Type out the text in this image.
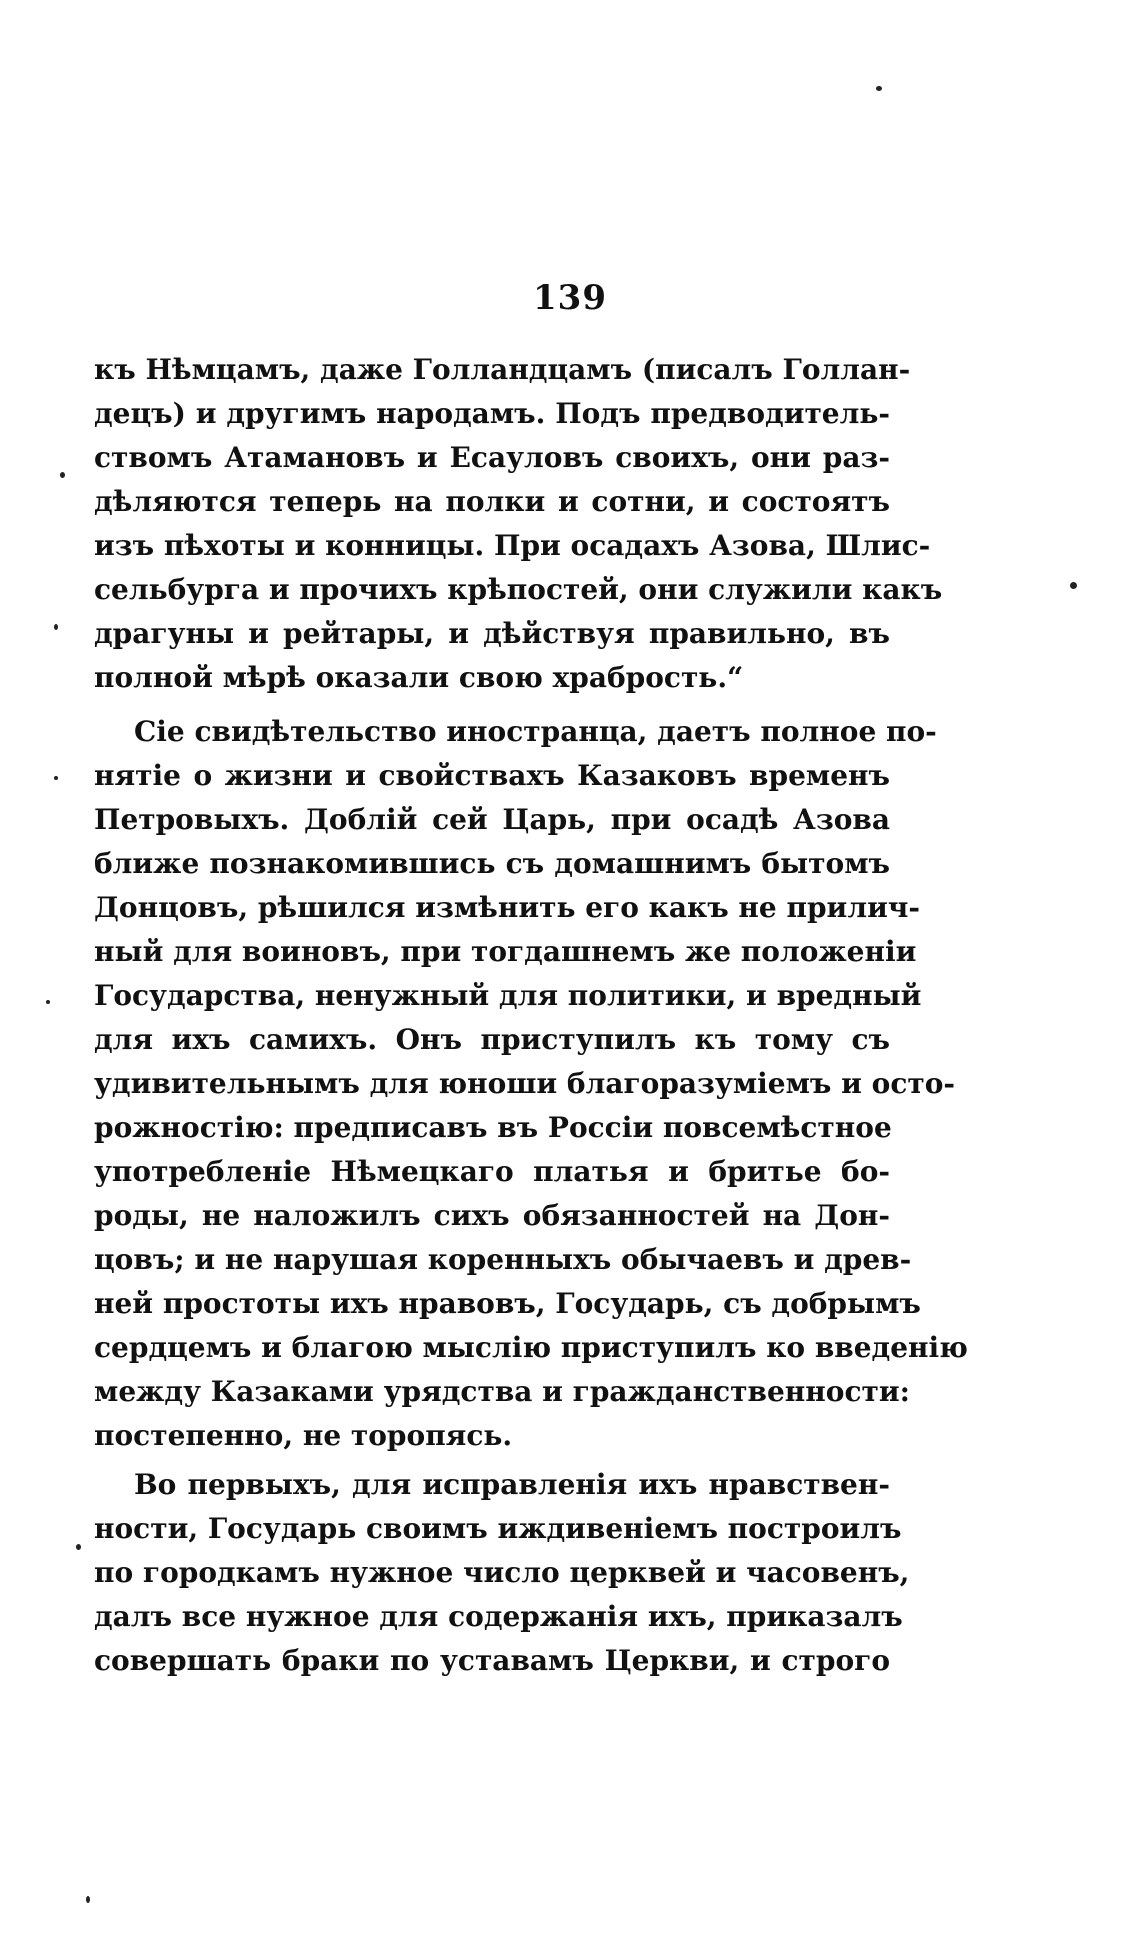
139
къ Нѣмцамъ, даже Голландцамъ (писалъ Голлан-
децъ) и другимъ народамъ. Подъ предводитель-
ствомъ Атамановъ и Есауловъ своихъ, они раз-
дѣляются теперь на полки и сотни, и состоятъ
изъ пѣхоты и конницы. При осадахъ Азова, Шлис-
сельбурга и прочихъ крѣпостей, они служили какъ
драгуны и рейтары, и дѣйствуя правильно, въ
полной мѣрѣ оказали свою храбрость.“
Сіе свидѣтельство иностранца, даетъ полное по-
нятіе о жизни и свойствахъ Казаковъ временъ
Петровыхъ. Доблій сей Царь, при осадѣ Азова
ближе познакомившись съ домашнимъ бытомъ
Донцовъ, рѣшился измѣнить его какъ не прилич-
ный для воиновъ, при тогдашнемъ же положеніи
Государства, ненужный для политики, и вредный
для ихъ самихъ. Онъ приступилъ къ тому съ
удивительнымъ для юноши благоразуміемъ и осто-
рожностію: предписавъ въ Россіи повсемѣстное
употребленіе Нѣмецкаго платья и бритье бо-
роды, не наложилъ сихъ обязанностей на Дон-
цовъ; и не нарушая коренныхъ обычаевъ и древ-
ней простоты ихъ нравовъ, Государь, съ добрымъ
сердцемъ и благою мыслію приступилъ ко введенію
между Казаками урядства и гражданственности:
постепенно, не торопясь.
Во первыхъ, для исправленія ихъ нравствен-
ности, Государь своимъ иждивеніемъ построилъ
по городкамъ нужное число церквей и часовенъ,
далъ все нужное для содержанія ихъ, приказалъ
совершать браки по уставамъ Церкви, и строго
